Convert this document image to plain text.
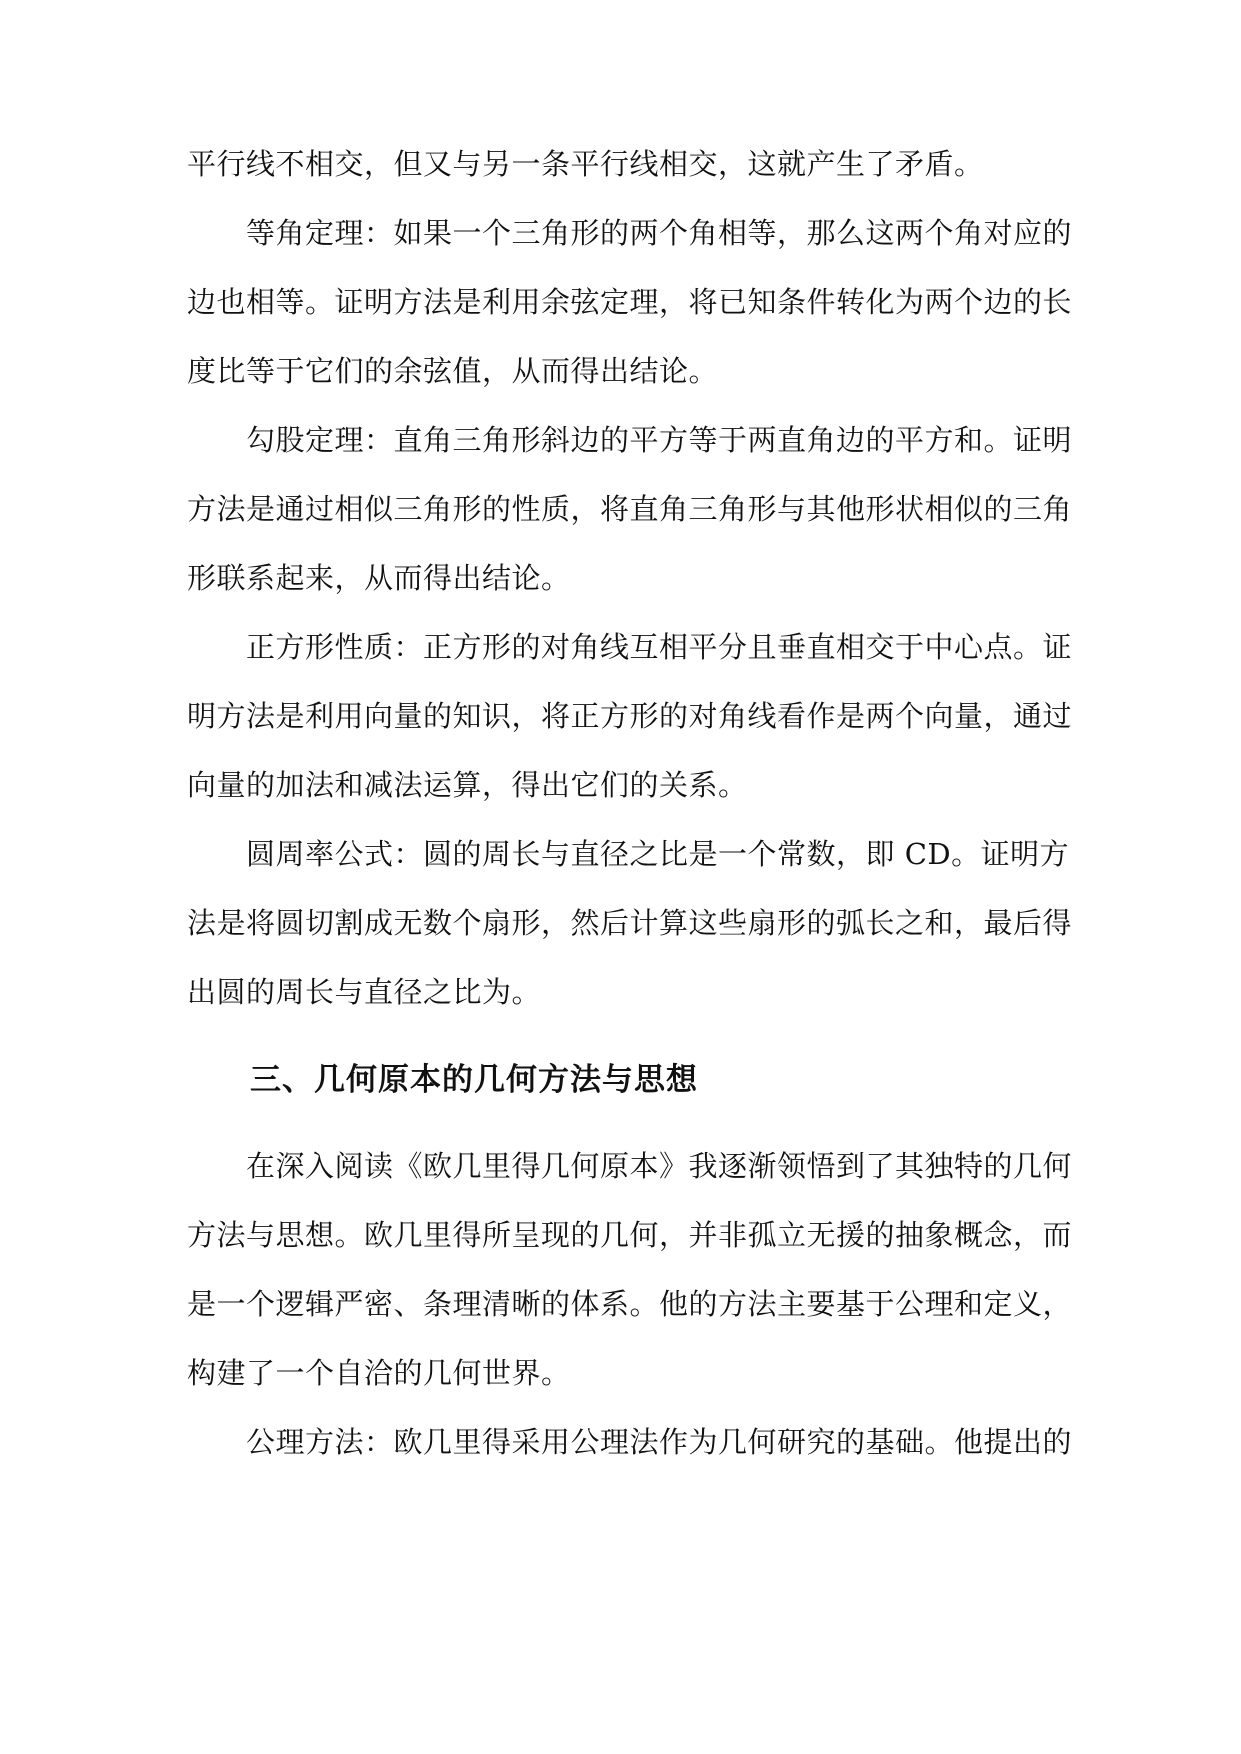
平行线不相交，但又与另一条平行线相交，这就产生了矛盾。
等角定理：如果一个三角形的两个角相等，那么这两个角对应的
边也相等。证明方法是利用余弦定理，将已知条件转化为两个边的长
度比等于它们的余弦值，从而得出结论。
勾股定理：直角三角形斜边的平方等于两直角边的平方和。证明
方法是通过相似三角形的性质，将直角三角形与其他形状相似的三角
形联系起来，从而得出结论。
正方形性质：正方形的对角线互相平分且垂直相交于中心点。证
明方法是利用向量的知识，将正方形的对角线看作是两个向量，通过
向量的加法和减法运算，得出它们的关系。
圆周率公式：圆的周长与直径之比是一个常数，即 CD。证明方
法是将圆切割成无数个扇形，然后计算这些扇形的弧长之和，最后得
出圆的周长与直径之比为。
三、几何原本的几何方法与思想
在深入阅读《欧几里得几何原本》我逐渐领悟到了其独特的几何
方法与思想。欧几里得所呈现的几何，并非孤立无援的抽象概念，而
是一个逻辑严密、条理清晰的体系。他的方法主要基于公理和定义，
构建了一个自洽的几何世界。
公理方法：欧几里得采用公理法作为几何研究的基础。他提出的
